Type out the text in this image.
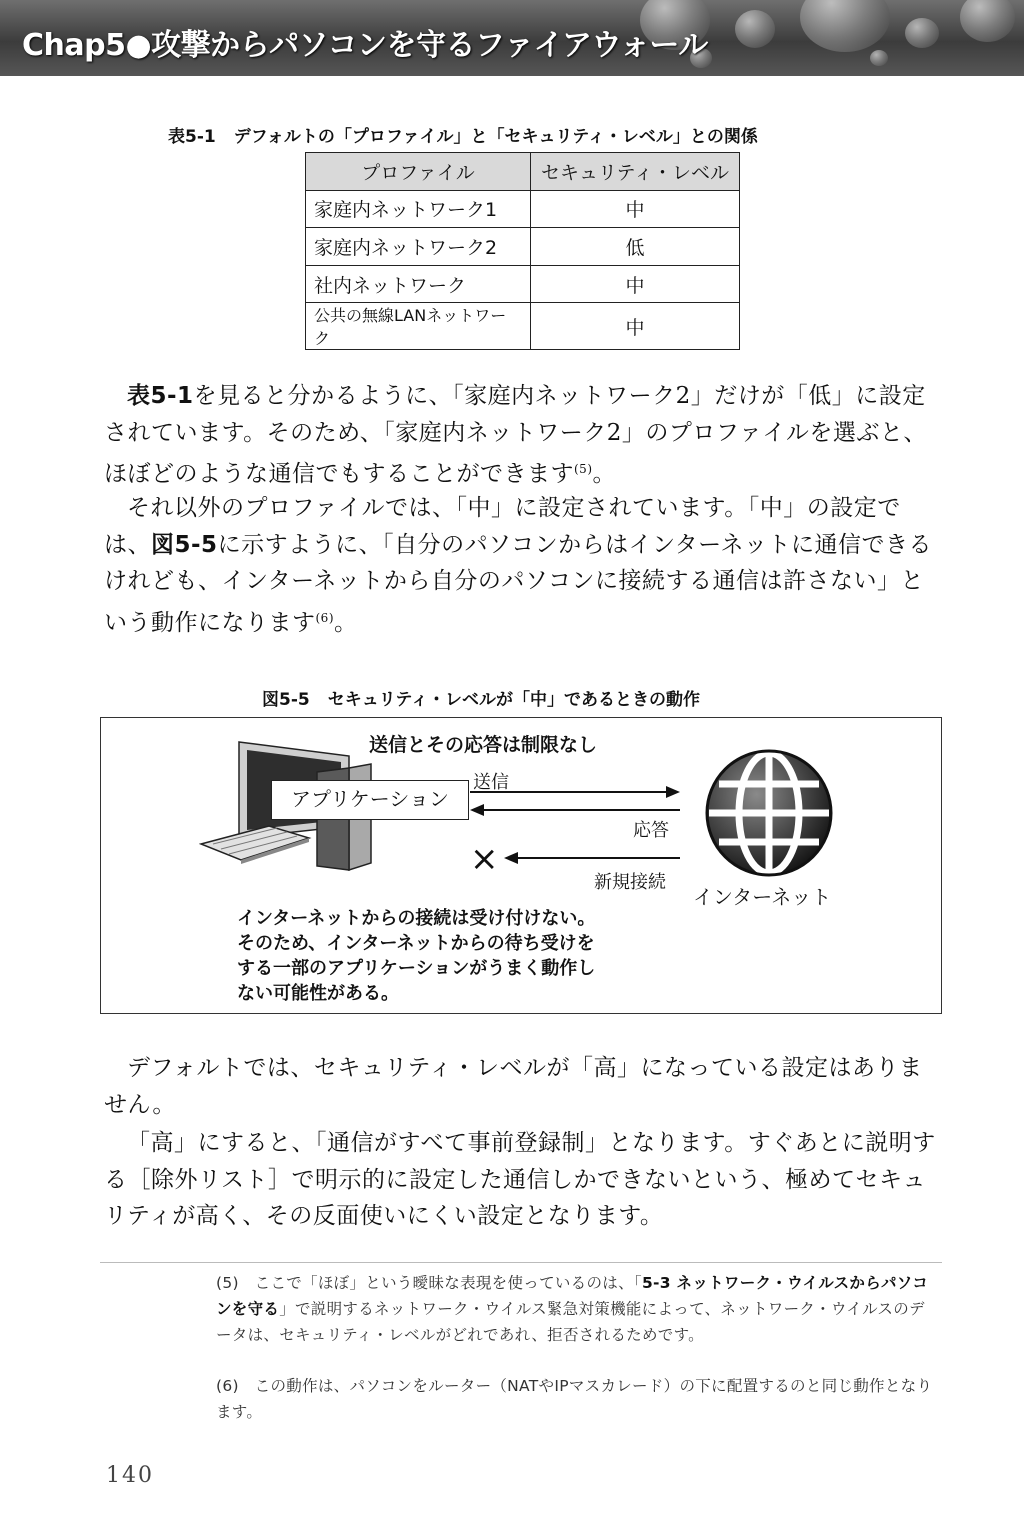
Chap5●攻撃からパソコンを守るファイアウォール
表5-1 デフォルトの「プロファイル」と「セキュリティ・レベル」との関係
プロファイル	セキュリティ・レベル
家庭内ネットワーク1	中
家庭内ネットワーク2	低
社内ネットワーク	中
公共の無線LANネットワーク	中

表5-1を見ると分かるように、「家庭内ネットワーク2」だけが「低」に設定されています。そのため、「家庭内ネットワーク2」のプロファイルを選ぶと、ほぼどのような通信でもすることができます$^{(5)}$。

それ以外のプロファイルでは、「中」に設定されています。「中」の設定では、図5-5に示すように、「自分のパソコンからはインターネットに通信できるけれども、インターネットから自分のパソコンに接続する通信は許さない」という動作になります$^{(6)}$。

図5-5 セキュリティ・レベルが「中」であるときの動作
送信とその応答は制限なし
アプリケーション
送信
応答
×
新規接続
インターネット
インターネットからの接続は受け付けない。
そのため、インターネットからの待ち受けを
する一部のアプリケーションがうまく動作し
ない可能性がある。

デフォルトでは、セキュリティ・レベルが「高」になっている設定はありません。

「高」にすると、「通信がすべて事前登録制」となります。すぐあとに説明する［除外リスト］で明示的に設定した通信しかできないという、極めてセキュリティが高く、その反面使いにくい設定となります。

(5)　 ここで「ほぼ」という曖昧な表現を使っているのは、「5-3 ネットワーク・ウイルスからパソコンを守る」で説明するネットワーク・ウイルス緊急対策機能によって、ネットワーク・ウイルスのデータは、セキュリティ・レベルがどれであれ、拒否されるためです。
(6)　 この動作は、パソコンをルーター（NATやIPマスカレード）の下に配置するのと同じ動作となります。
140
